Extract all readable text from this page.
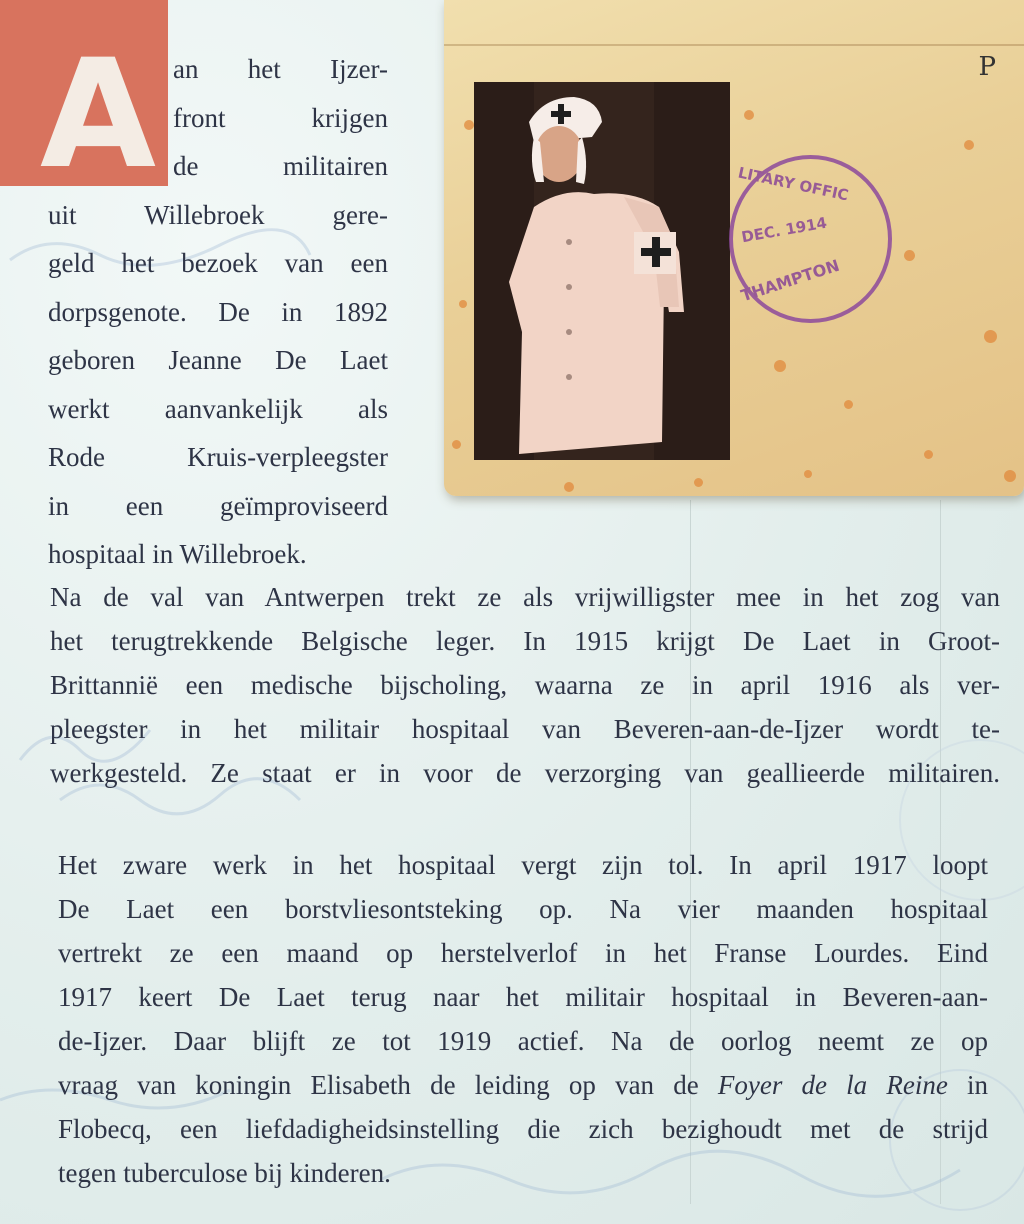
A an het Ijzer-
front krijgen
de militairen
uit Willebroek gere-
geld het bezoek van een
dorpsgenote. De in 1892
geboren Jeanne De Laet
werkt aanvankelijk als
Rode Kruis-verpleegster
in een geïmproviseerd
hospitaal in Willebroek.
LITARY OFFIC
DEC. 1914
THAMPTON
P
Na de val van Antwerpen trekt ze als vrijwilligster mee in het zog van
het terugtrekkende Belgische leger. In 1915 krijgt De Laet in Groot-
Brittannië een medische bijscholing, waarna ze in april 1916 als ver-
pleegster in het militair hospitaal van Beveren-aan-de-Ijzer wordt te-
werkgesteld. Ze staat er in voor de verzorging van geallieerde militairen.
Het zware werk in het hospitaal vergt zijn tol. In april 1917 loopt
De Laet een borstvliesontsteking op. Na vier maanden hospitaal
vertrekt ze een maand op herstelverlof in het Franse Lourdes. Eind
1917 keert De Laet terug naar het militair hospitaal in Beveren-aan-
de-Ijzer. Daar blijft ze tot 1919 actief. Na de oorlog neemt ze op
vraag van koningin Elisabeth de leiding op van de Foyer de la Reine in
Flobecq, een liefdadigheidsinstelling die zich bezighoudt met de strijd
tegen tuberculose bij kinderen.
